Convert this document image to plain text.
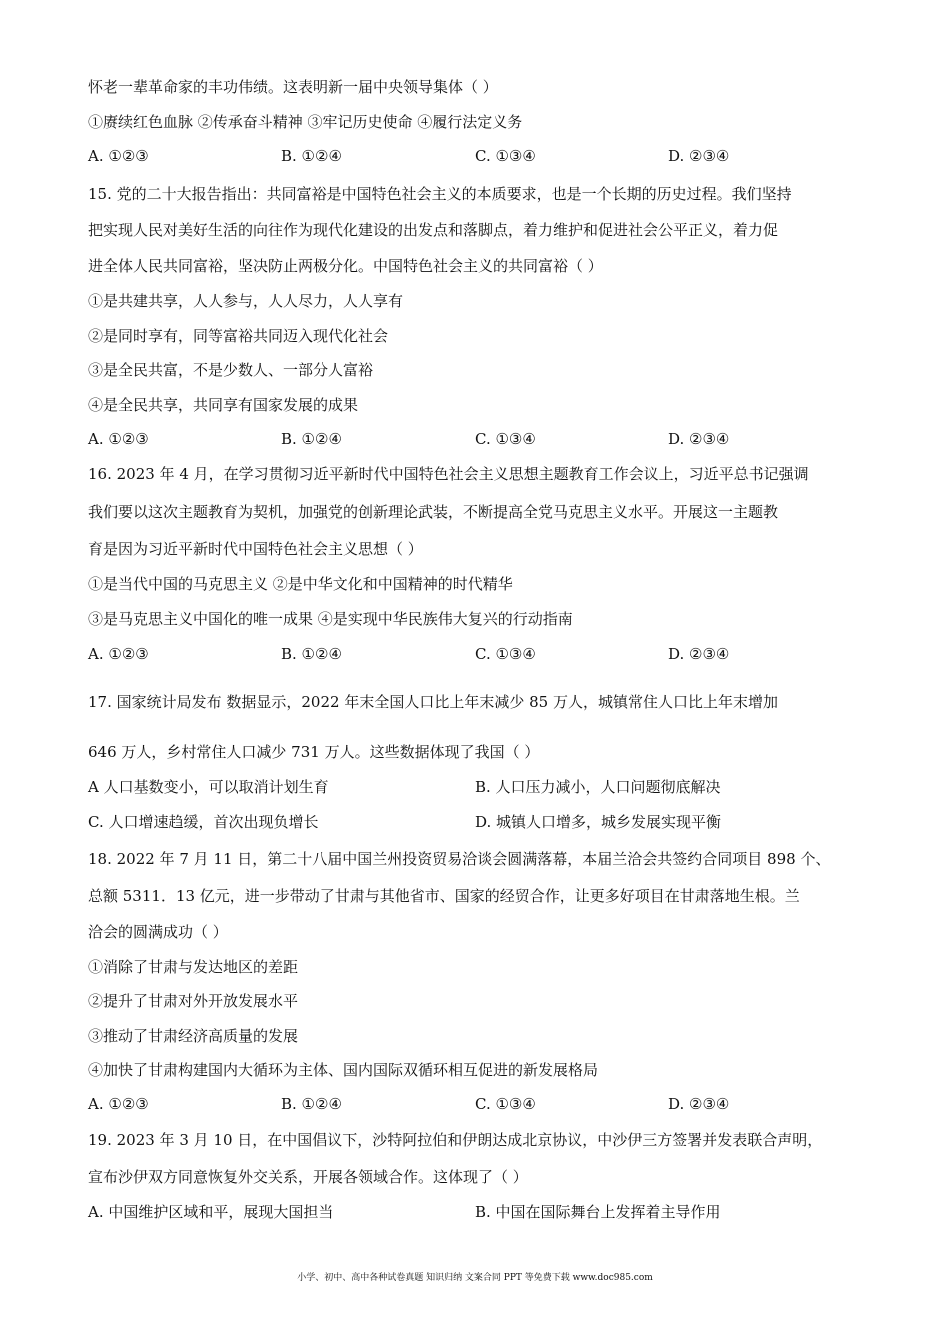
怀老一辈革命家的丰功伟绩。这表明新一届中央领导集体（ ）
①赓续红色血脉 ②传承奋斗精神 ③牢记历史使命 ④履行法定义务
A. ①②③	B. ①②④	C. ①③④	D. ②③④
15. 党的二十大报告指出：共同富裕是中国特色社会主义的本质要求，也是一个长期的历史过程。我们坚持
把实现人民对美好生活的向往作为现代化建设的出发点和落脚点，着力维护和促进社会公平正义，着力促
进全体人民共同富裕，坚决防止两极分化。中国特色社会主义的共同富裕（ ）
①是共建共享，人人参与，人人尽力，人人享有
②是同时享有，同等富裕共同迈入现代化社会
③是全民共富，不是少数人、一部分人富裕
④是全民共享，共同享有国家发展的成果
A. ①②③	B. ①②④	C. ①③④	D. ②③④
16. 2023 年 4 月，在学习贯彻习近平新时代中国特色社会主义思想主题教育工作会议上，习近平总书记强调
我们要以这次主题教育为契机，加强党的创新理论武装，不断提高全党马克思主义水平。开展这一主题教
育是因为习近平新时代中国特色社会主义思想（ ）
①是当代中国的马克思主义 ②是中华文化和中国精神的时代精华
③是马克思主义中国化的唯一成果 ④是实现中华民族伟大复兴的行动指南
A. ①②③	B. ①②④	C. ①③④	D. ②③④
17. 国家统计局发布 数据显示，2022 年末全国人口比上年末减少 85 万人，城镇常住人口比上年末增加
646 万人，乡村常住人口减少 731 万人。这些数据体现了我国（ ）
A 人口基数变小，可以取消计划生育	B. 人口压力减小，人口问题彻底解决
C. 人口增速趋缓，首次出现负增长	D. 城镇人口增多，城乡发展实现平衡
18. 2022 年 7 月 11 日，第二十八届中国兰州投资贸易洽谈会圆满落幕，本届兰洽会共签约合同项目 898 个、
总额 5311．13 亿元，进一步带动了甘肃与其他省市、国家的经贸合作，让更多好项目在甘肃落地生根。兰
洽会的圆满成功（ ）
①消除了甘肃与发达地区的差距
②提升了甘肃对外开放发展水平
③推动了甘肃经济高质量的发展
④加快了甘肃构建国内大循环为主体、国内国际双循环相互促进的新发展格局
A. ①②③	B. ①②④	C. ①③④	D. ②③④
19. 2023 年 3 月 10 日，在中国倡议下，沙特阿拉伯和伊朗达成北京协议，中沙伊三方签署并发表联合声明，
宣布沙伊双方同意恢复外交关系，开展各领域合作。这体现了（ ）
A. 中国维护区域和平，展现大国担当	B. 中国在国际舞台上发挥着主导作用
小学、初中、高中各种试卷真题 知识归纳 文案合同 PPT 等免费下载 www.doc985.com
